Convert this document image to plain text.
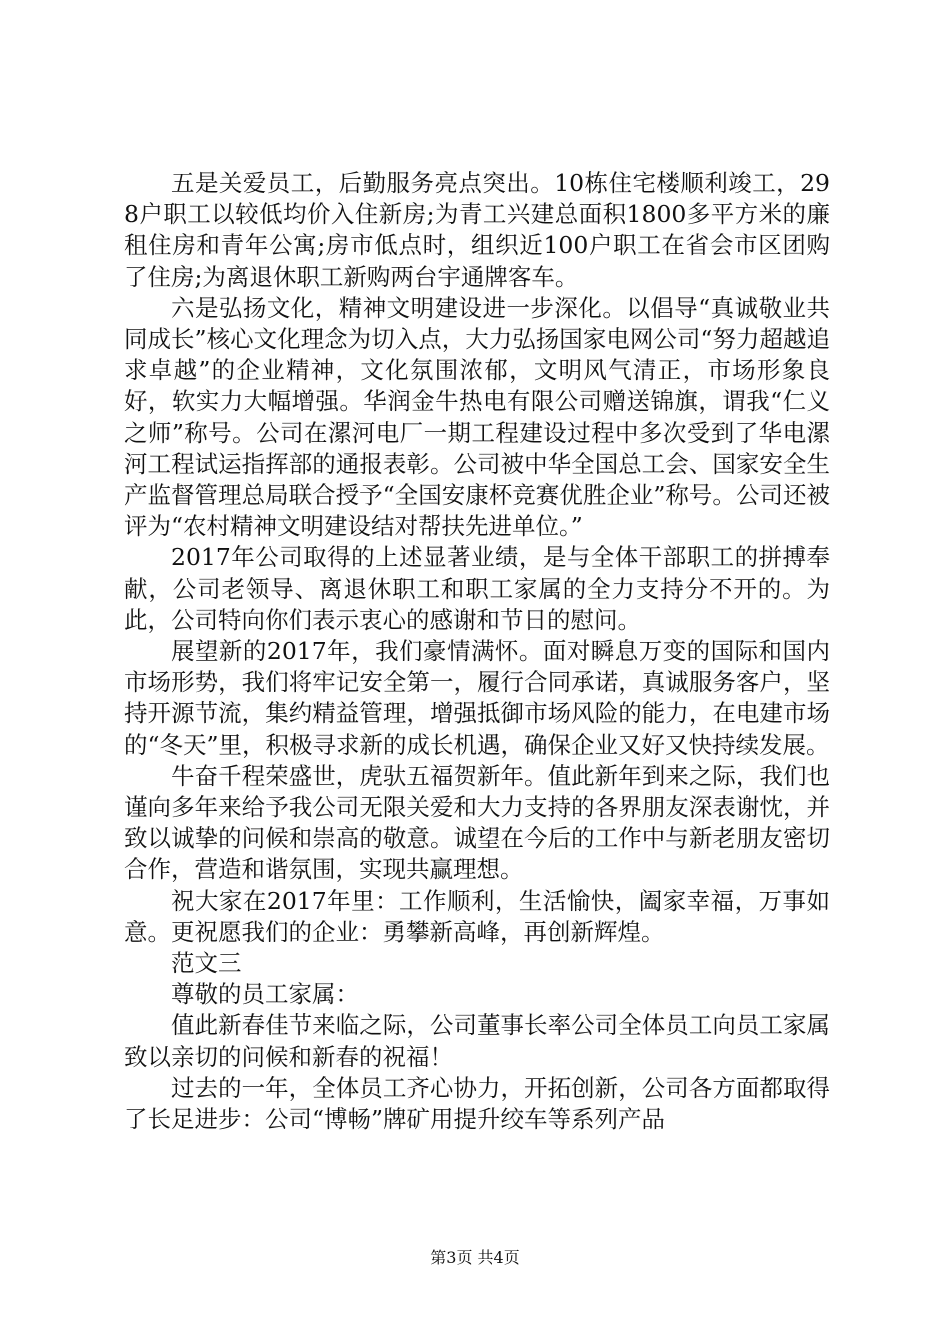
五是关爱员工，后勤服务亮点突出。10栋住宅楼顺利竣工，298户职工以较低均价入住新房;为青工兴建总面积1800多平方米的廉租住房和青年公寓;房市低点时，组织近100户职工在省会市区团购了住房;为离退休职工新购两台宇通牌客车。

六是弘扬文化，精神文明建设进一步深化。以倡导“真诚敬业共同成长”核心文化理念为切入点，大力弘扬国家电网公司“努力超越追求卓越”的企业精神，文化氛围浓郁，文明风气清正，市场形象良好，软实力大幅增强。华润金牛热电有限公司赠送锦旗，谓我“仁义之师”称号。公司在漯河电厂一期工程建设过程中多次受到了华电漯河工程试运指挥部的通报表彰。公司被中华全国总工会、国家安全生产监督管理总局联合授予“全国安康杯竞赛优胜企业”称号。公司还被评为“农村精神文明建设结对帮扶先进单位。”

2017年公司取得的上述显著业绩，是与全体干部职工的拼搏奉献，公司老领导、离退休职工和职工家属的全力支持分不开的。为此，公司特向你们表示衷心的感谢和节日的慰问。

展望新的2017年，我们豪情满怀。面对瞬息万变的国际和国内市场形势，我们将牢记安全第一，履行合同承诺，真诚服务客户，坚持开源节流，集约精益管理，增强抵御市场风险的能力，在电建市场的“冬天”里，积极寻求新的成长机遇，确保企业又好又快持续发展。

牛奋千程荣盛世，虎驮五福贺新年。值此新年到来之际，我们也谨向多年来给予我公司无限关爱和大力支持的各界朋友深表谢忱，并致以诚挚的问候和崇高的敬意。诚望在今后的工作中与新老朋友密切合作，营造和谐氛围，实现共赢理想。

祝大家在2017年里：工作顺利，生活愉快，阖家幸福，万事如意。更祝愿我们的企业：勇攀新高峰，再创新辉煌。

范文三

尊敬的员工家属：

值此新春佳节来临之际，公司董事长率公司全体员工向员工家属致以亲切的问候和新春的祝福！

过去的一年，全体员工齐心协力，开拓创新，公司各方面都取得了长足进步：公司“博畅”牌矿用提升绞车等系列产品

第3页 共4页
